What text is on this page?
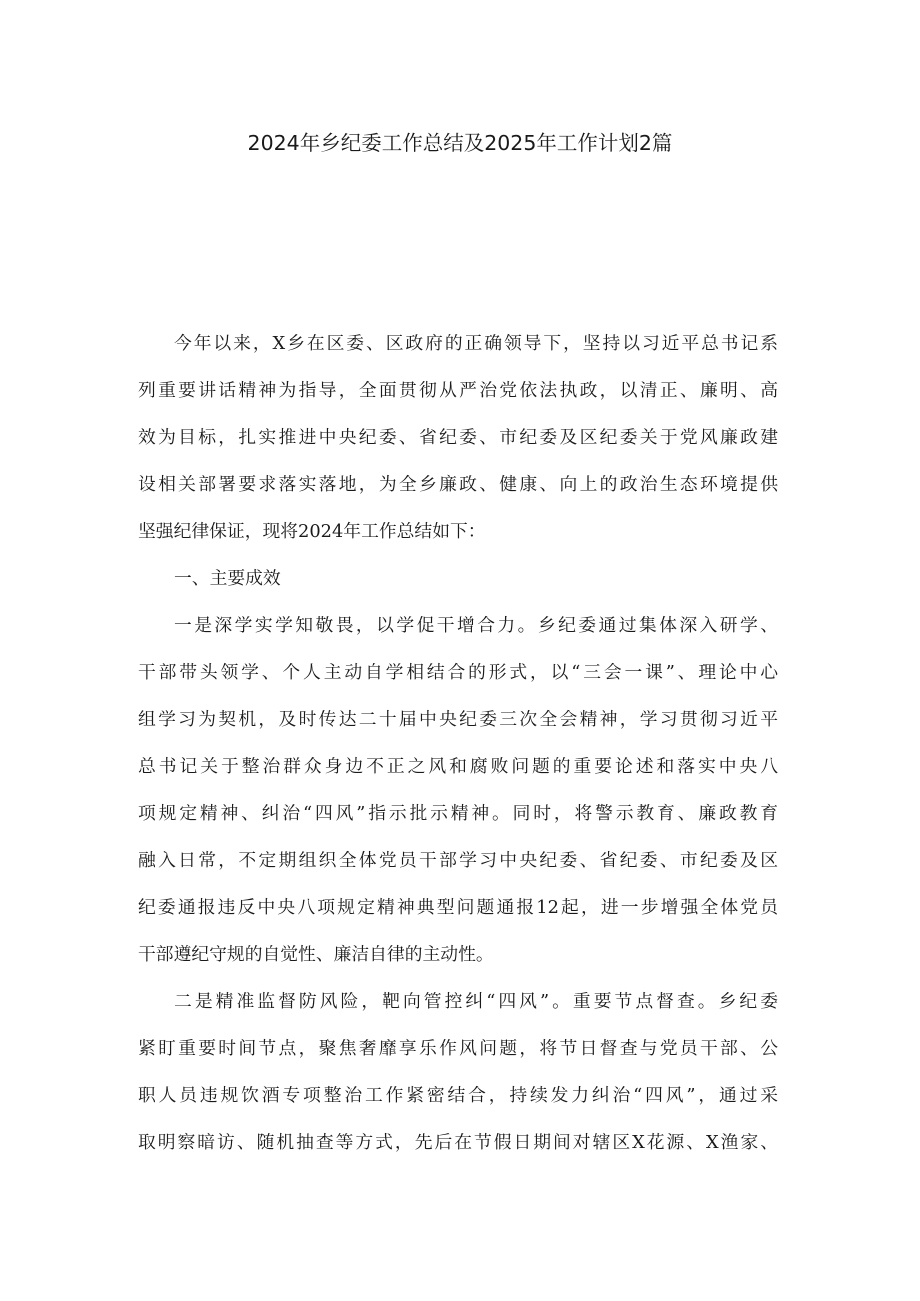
2024年乡纪委工作总结及2025年工作计划2篇
今年以来，X乡在区委、区政府的正确领导下，坚持以习近平总书记系
列重要讲话精神为指导，全面贯彻从严治党依法执政，以清正、廉明、高
效为目标，扎实推进中央纪委、省纪委、市纪委及区纪委关于党风廉政建
设相关部署要求落实落地，为全乡廉政、健康、向上的政治生态环境提供
坚强纪律保证，现将2024年工作总结如下：
一、主要成效
一是深学实学知敬畏，以学促干增合力。乡纪委通过集体深入研学、
干部带头领学、个人主动自学相结合的形式，以“三会一课”、理论中心
组学习为契机，及时传达二十届中央纪委三次全会精神，学习贯彻习近平
总书记关于整治群众身边不正之风和腐败问题的重要论述和落实中央八
项规定精神、纠治“四风”指示批示精神。同时，将警示教育、廉政教育
融入日常，不定期组织全体党员干部学习中央纪委、省纪委、市纪委及区
纪委通报违反中央八项规定精神典型问题通报12起，进一步增强全体党员
干部遵纪守规的自觉性、廉洁自律的主动性。
二是精准监督防风险，靶向管控纠“四风”。重要节点督查。乡纪委
紧盯重要时间节点，聚焦奢靡享乐作风问题，将节日督查与党员干部、公
职人员违规饮酒专项整治工作紧密结合，持续发力纠治“四风”，通过采
取明察暗访、随机抽查等方式，先后在节假日期间对辖区X花源、X渔家、
